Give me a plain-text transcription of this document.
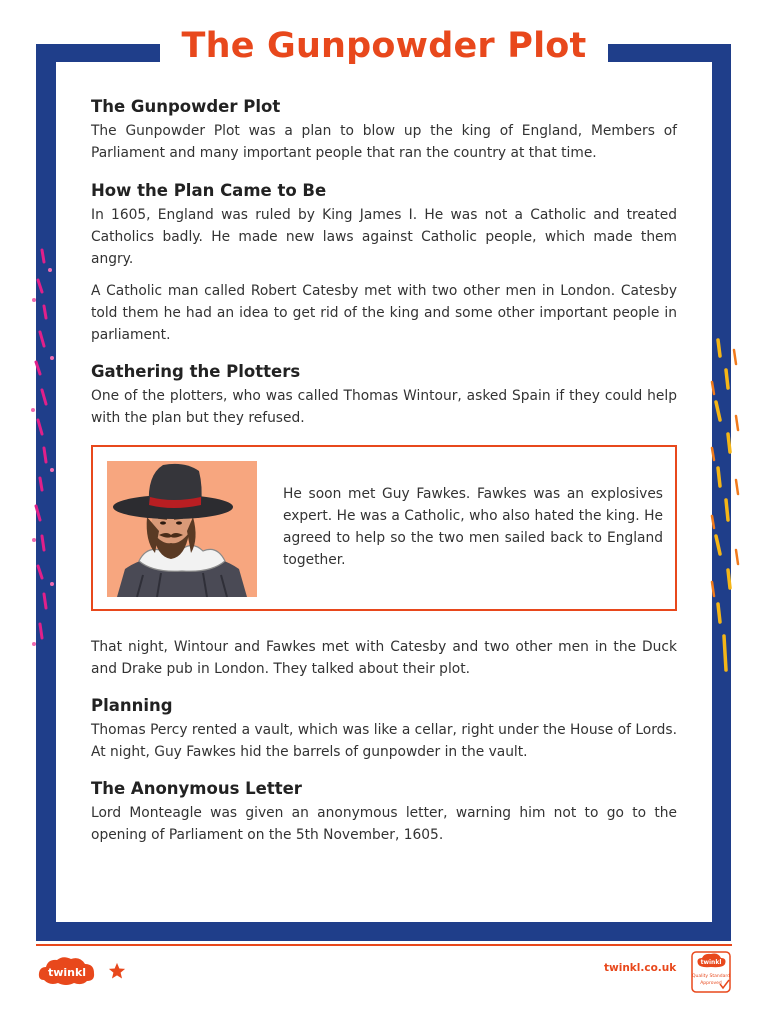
The Gunpowder Plot
The Gunpowder Plot

The Gunpowder Plot was a plan to blow up the king of England, Members of Parliament and many important people that ran the country at that time.

How the Plan Came to Be

In 1605, England was ruled by King James I. He was not a Catholic and treated Catholics badly. He made new laws against Catholic people, which made them angry.

A Catholic man called Robert Catesby met with two other men in London. Catesby told them he had an idea to get rid of the king and some other important people in parliament.

Gathering the Plotters

One of the plotters, who was called Thomas Wintour, asked Spain if they could help with the plan but they refused.

He soon met Guy Fawkes. Fawkes was an explosives expert. He was a Catholic, who also hated the king. He agreed to help so the two men sailed back to England together.

That night, Wintour and Fawkes met with Catesby and two other men in the Duck and Drake pub in London. They talked about their plot.

Planning

Thomas Percy rented a vault, which was like a cellar, right under the House of Lords. At night, Guy Fawkes hid the barrels of gunpowder in the vault.

The Anonymous Letter

Lord Monteagle was given an anonymous letter, warning him not to go to the opening of Parliament on the 5th November, 1605.

twinkl	twinkl.co.uk	twinkl
Quality Standard
Approved
